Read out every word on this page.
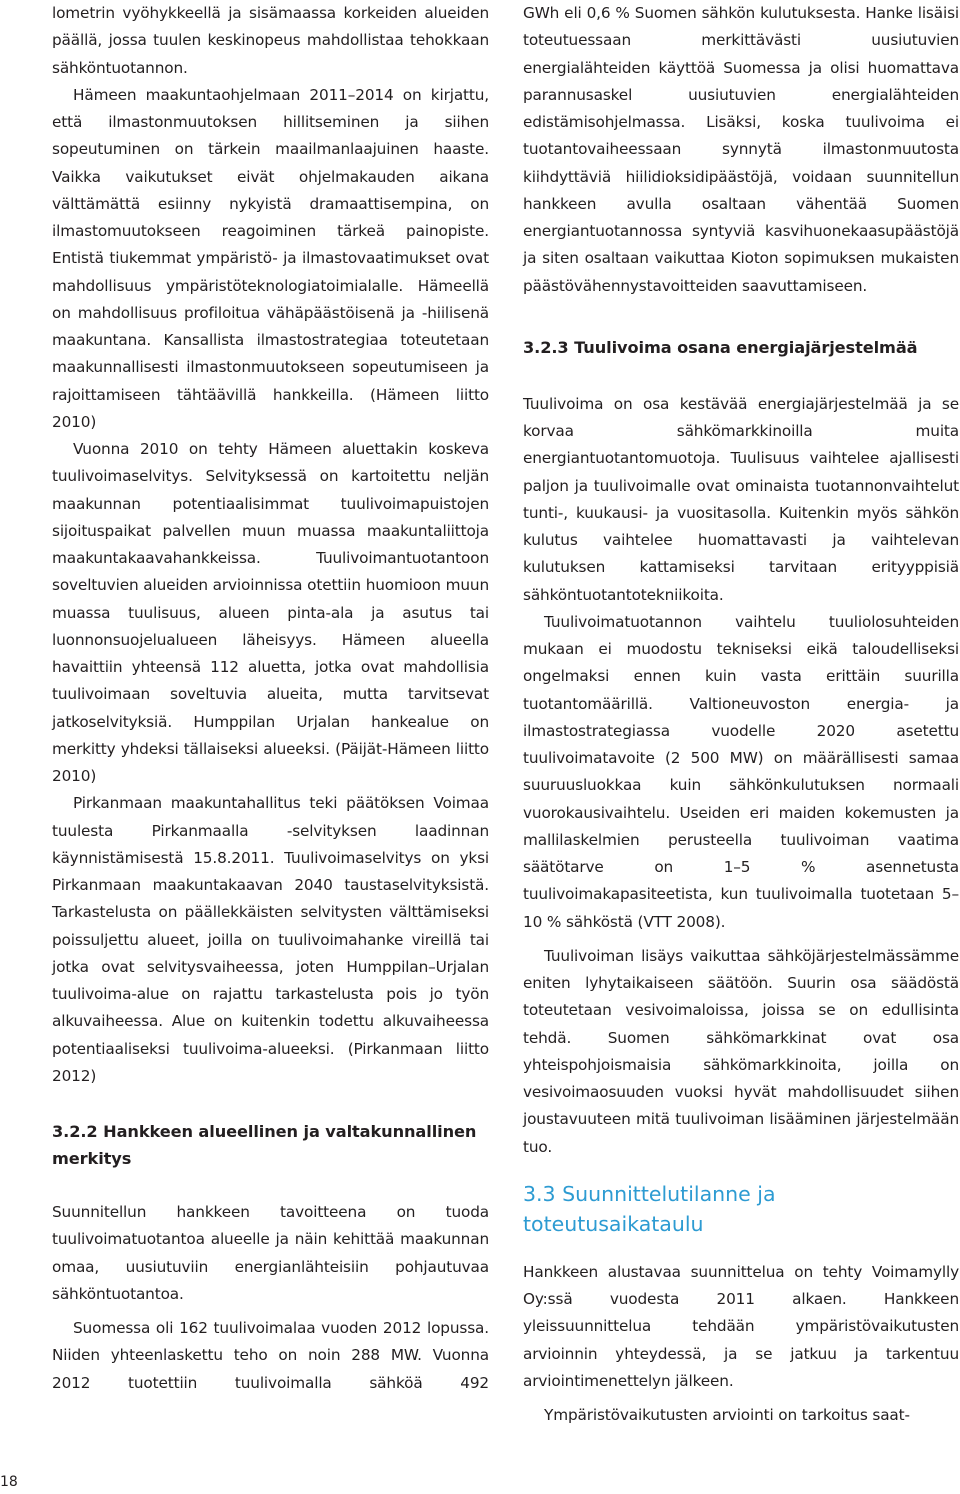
lometrin vyöhykkeellä ja sisämaassa korkeiden alueiden päällä, jossa tuulen keskinopeus mahdollistaa tehokkaan sähköntuotannon.

Hämeen maakuntaohjelmaan 2011–2014 on kirjattu, että ilmastonmuutoksen hillitseminen ja siihen sopeutuminen on tärkein maailmanlaajuinen haaste. Vaikka vaikutukset eivät ohjelmakauden aikana välttämättä esiinny nykyistä dramaattisempina, on ilmastomuutokseen reagoiminen tärkeä painopiste. Entistä tiukemmat ympäristö- ja ilmastovaatimukset ovat mahdollisuus ympäristöteknologiatoimialalle. Hämeellä on mahdollisuus profiloitua vähäpäästöisenä ja -hiilisenä maakuntana. Kansallista ilmastostrategiaa toteutetaan maakunnallisesti ilmastonmuutokseen sopeutumiseen ja rajoittamiseen tähtäävillä hankkeilla. (Hämeen liitto 2010)

Vuonna 2010 on tehty Hämeen aluettakin koskeva tuulivoimaselvitys. Selvityksessä on kartoitettu neljän maakunnan potentiaalisimmat tuulivoimapuistojen sijoituspaikat palvellen muun muassa maakuntaliittoja maakuntakaavahankkeissa. Tuulivoimantuotantoon soveltuvien alueiden arvioinnissa otettiin huomioon muun muassa tuulisuus, alueen pinta-ala ja asutus tai luonnonsuojelualueen läheisyys. Hämeen alueella havaittiin yhteensä 112 aluetta, jotka ovat mahdollisia tuulivoimaan soveltuvia alueita, mutta tarvitsevat jatkoselvityksiä. Humppilan Urjalan hankealue on merkitty yhdeksi tällaiseksi alueeksi. (Päijät-Hämeen liitto 2010)

Pirkanmaan maakuntahallitus teki päätöksen Voimaa tuulesta Pirkanmaalla -selvityksen laadinnan käynnistämisestä 15.8.2011. Tuulivoimaselvitys on yksi Pirkanmaan maakuntakaavan 2040 taustaselvityksistä. Tarkastelusta on päällekkäisten selvitysten välttämiseksi poissuljettu alueet, joilla on tuulivoimahanke vireillä tai jotka ovat selvitysvaiheessa, joten Humppilan–Urjalan tuulivoima-alue on rajattu tarkastelusta pois jo työn alkuvaiheessa. Alue on kuitenkin todettu alkuvaiheessa potentiaaliseksi tuulivoima-alueeksi. (Pirkanmaan liitto 2012)

3.2.2 Hankkeen alueellinen ja valtakunnallinen merkitys

Suunnitellun hankkeen tavoitteena on tuoda tuulivoimatuotantoa alueelle ja näin kehittää maakunnan omaa, uusiutuviin energianlähteisiin pohjautuvaa sähköntuotantoa.

Suomessa oli 162 tuulivoimalaa vuoden 2012 lopussa. Niiden yhteenlaskettu teho on noin 288 MW. Vuonna 2012 tuotettiin tuulivoimalla sähköä 492

GWh eli 0,6 % Suomen sähkön kulutuksesta. Hanke lisäisi toteutuessaan merkittävästi uusiutuvien energialähteiden käyttöä Suomessa ja olisi huomattava parannusaskel uusiutuvien energialähteiden edistämisohjelmassa. Lisäksi, koska tuulivoima ei tuotantovaiheessaan synnytä ilmastonmuutosta kiihdyttäviä hiilidioksidipäästöjä, voidaan suunnitellun hankkeen avulla osaltaan vähentää Suomen energiantuotannossa syntyviä kasvihuonekaasupäästöjä ja siten osaltaan vaikuttaa Kioton sopimuksen mukaisten päästövähennystavoitteiden saavuttamiseen.

3.2.3 Tuulivoima osana energiajärjestelmää

Tuulivoima on osa kestävää energiajärjestelmää ja se korvaa sähkömarkkinoilla muita energiantuotantomuotoja. Tuulisuus vaihtelee ajallisesti paljon ja tuulivoimalle ovat ominaista tuotannonvaihtelut tunti-, kuukausi- ja vuositasolla. Kuitenkin myös sähkön kulutus vaihtelee huomattavasti ja vaihtelevan kulutuksen kattamiseksi tarvitaan erityyppisiä sähköntuotantotekniikoita.

Tuulivoimatuotannon vaihtelu tuuliolosuhteiden mukaan ei muodostu tekniseksi eikä taloudelliseksi ongelmaksi ennen kuin vasta erittäin suurilla tuotantomäärillä. Valtioneuvoston energia- ja ilmastostrategiassa vuodelle 2020 asetettu tuulivoimatavoite (2 500 MW) on määrällisesti samaa suuruusluokkaa kuin sähkönkulutuksen normaali vuorokausivaihtelu. Useiden eri maiden kokemusten ja mallilaskelmien perusteella tuulivoiman vaatima säätötarve on 1–5 % asennetusta tuulivoimakapasiteetista, kun tuulivoimalla tuotetaan 5–10 % sähköstä (VTT 2008).

Tuulivoiman lisäys vaikuttaa sähköjärjestelmässämme eniten lyhytaikaiseen säätöön. Suurin osa säädöstä toteutetaan vesivoimaloissa, joissa se on edullisinta tehdä. Suomen sähkömarkkinat ovat osa yhteispohjoismaisia sähkömarkkinoita, joilla on vesivoimaosuuden vuoksi hyvät mahdollisuudet siihen joustavuuteen mitä tuulivoiman lisääminen järjestelmään tuo.

3.3 Suunnittelutilanne ja toteutusaikataulu

Hankkeen alustavaa suunnittelua on tehty Voimamylly Oy:ssä vuodesta 2011 alkaen. Hankkeen yleissuunnittelua tehdään ympäristövaikutusten arvioinnin yhteydessä, ja se jatkuu ja tarkentuu arviointimenettelyn jälkeen.

Ympäristövaikutusten arviointi on tarkoitus saat-

18
